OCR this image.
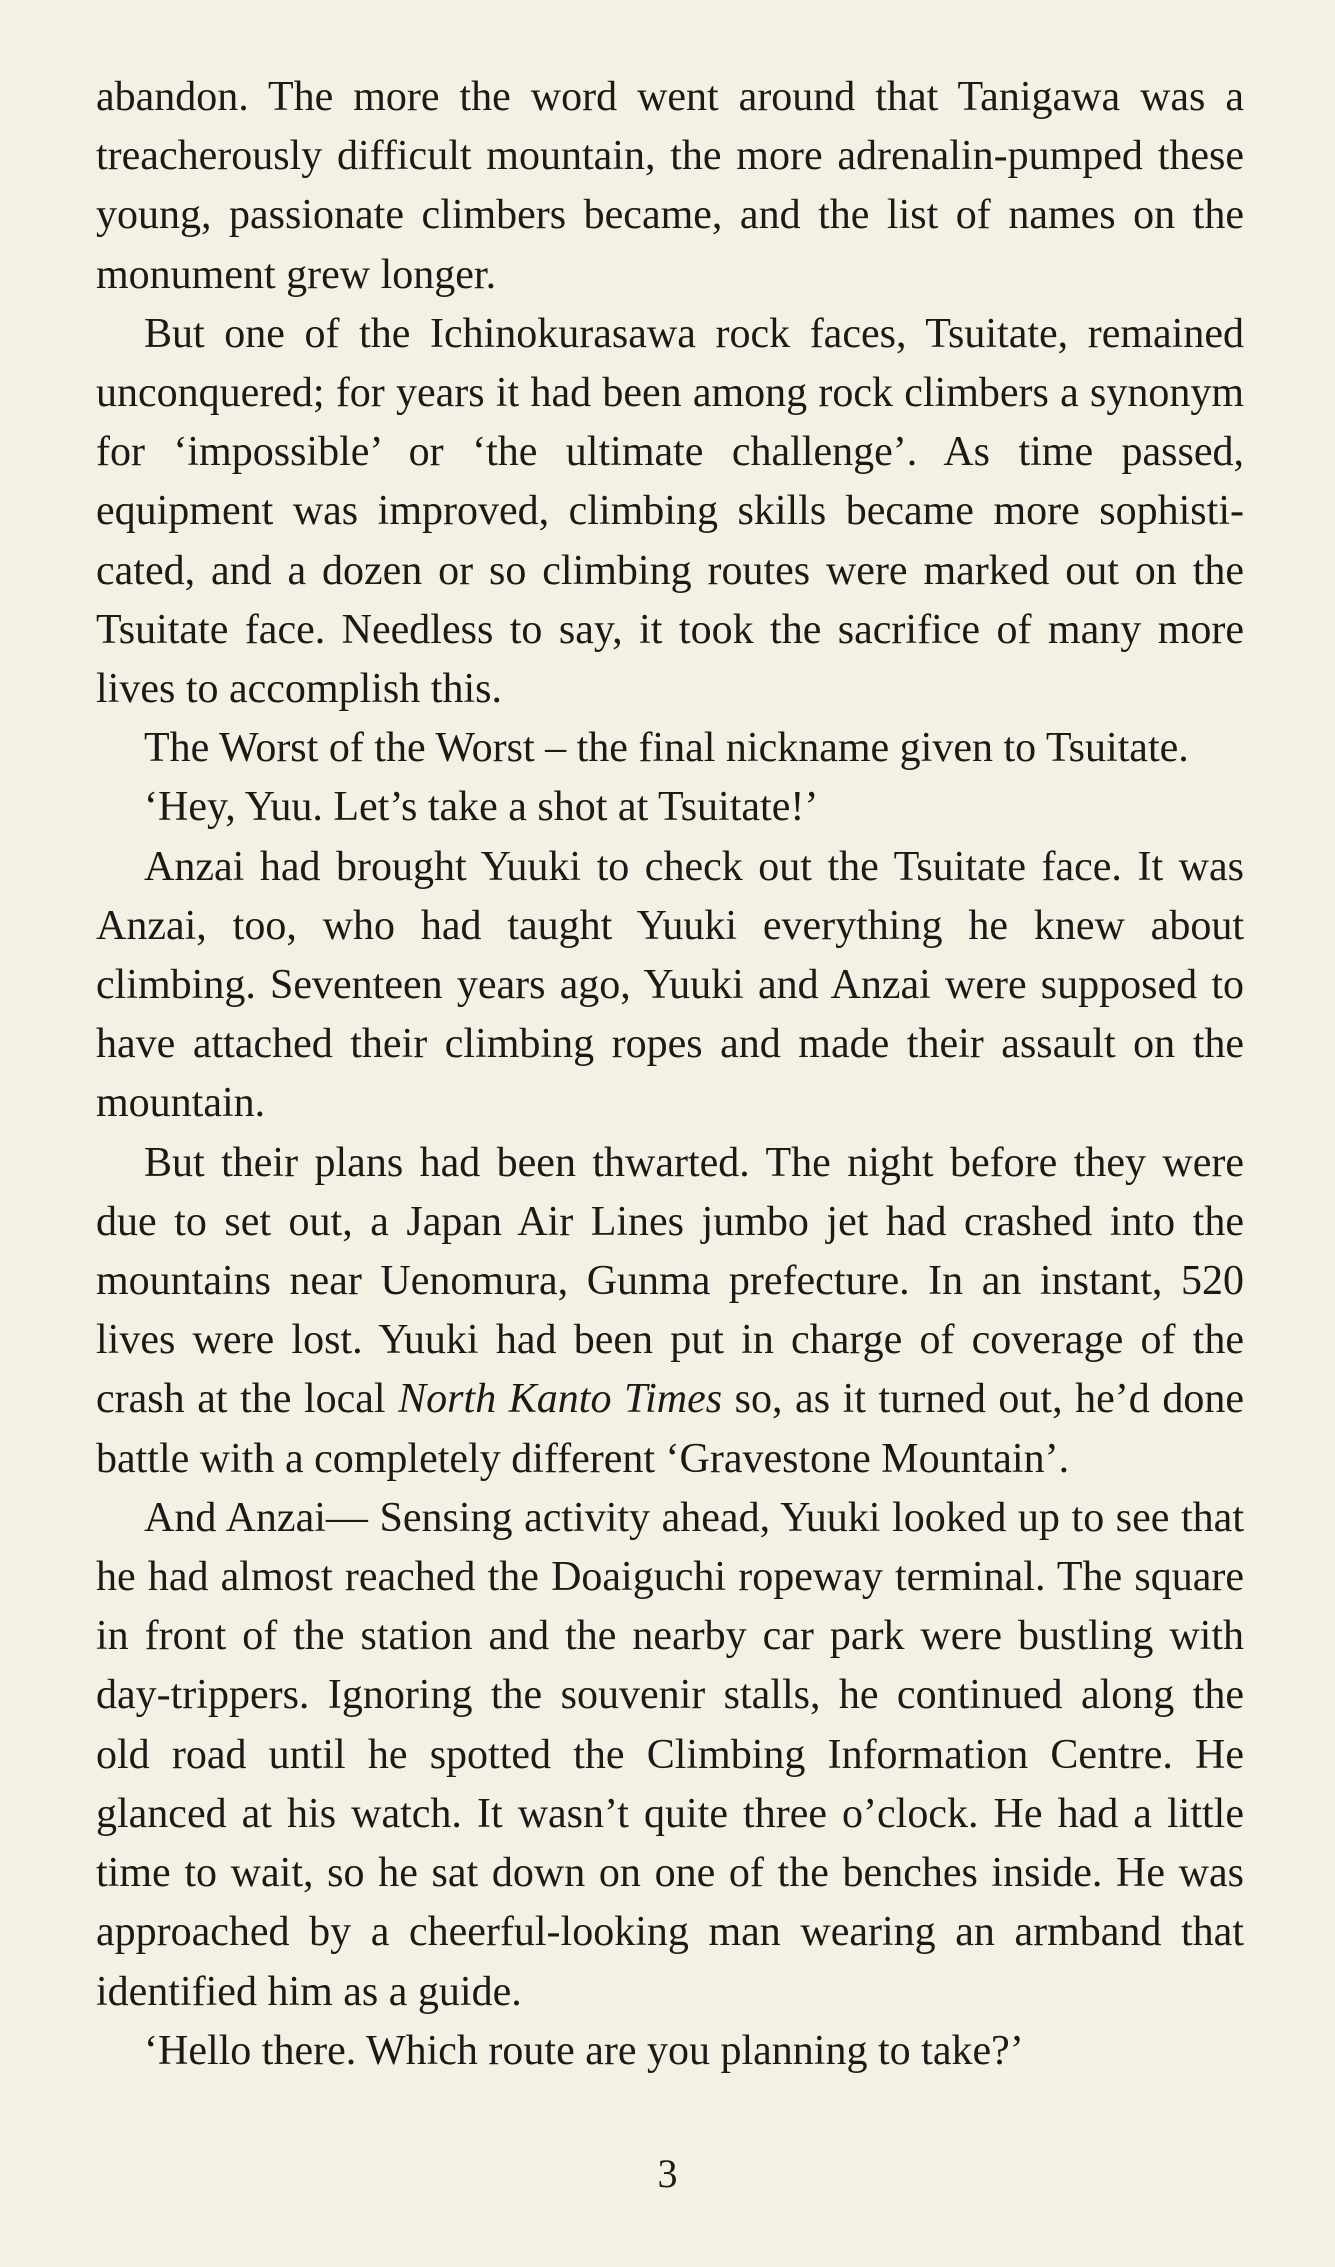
abandon. The more the word went around that Tanigawa was a treacherously difficult mountain, the more adrenalin-pumped these young, passionate climbers became, and the list of names on the monument grew longer.

But one of the Ichinokurasawa rock faces, Tsuitate, remained unconquered; for years it had been among rock climbers a synonym for ‘impossible’ or ‘the ultimate challenge’. As time passed, equipment was improved, climbing skills became more sophisticated, and a dozen or so climbing routes were marked out on the Tsuitate face. Needless to say, it took the sacrifice of many more lives to accomplish this.

The Worst of the Worst – the final nickname given to Tsuitate.

‘Hey, Yuu. Let’s take a shot at Tsuitate!’

Anzai had brought Yuuki to check out the Tsuitate face. It was Anzai, too, who had taught Yuuki everything he knew about climbing. Seventeen years ago, Yuuki and Anzai were supposed to have attached their climbing ropes and made their assault on the mountain.

But their plans had been thwarted. The night before they were due to set out, a Japan Air Lines jumbo jet had crashed into the mountains near Uenomura, Gunma prefecture. In an instant, 520 lives were lost. Yuuki had been put in charge of coverage of the crash at the local North Kanto Times so, as it turned out, he’d done battle with a completely different ‘Gravestone Mountain’.

And Anzai— Sensing activity ahead, Yuuki looked up to see that he had almost reached the Doaiguchi ropeway terminal. The square in front of the station and the nearby car park were bustling with day-trippers. Ignoring the souvenir stalls, he continued along the old road until he spotted the Climbing Information Centre. He glanced at his watch. It wasn’t quite three o’clock. He had a little time to wait, so he sat down on one of the benches inside. He was approached by a cheerful-looking man wearing an armband that identified him as a guide.

‘Hello there. Which route are you planning to take?’

3
